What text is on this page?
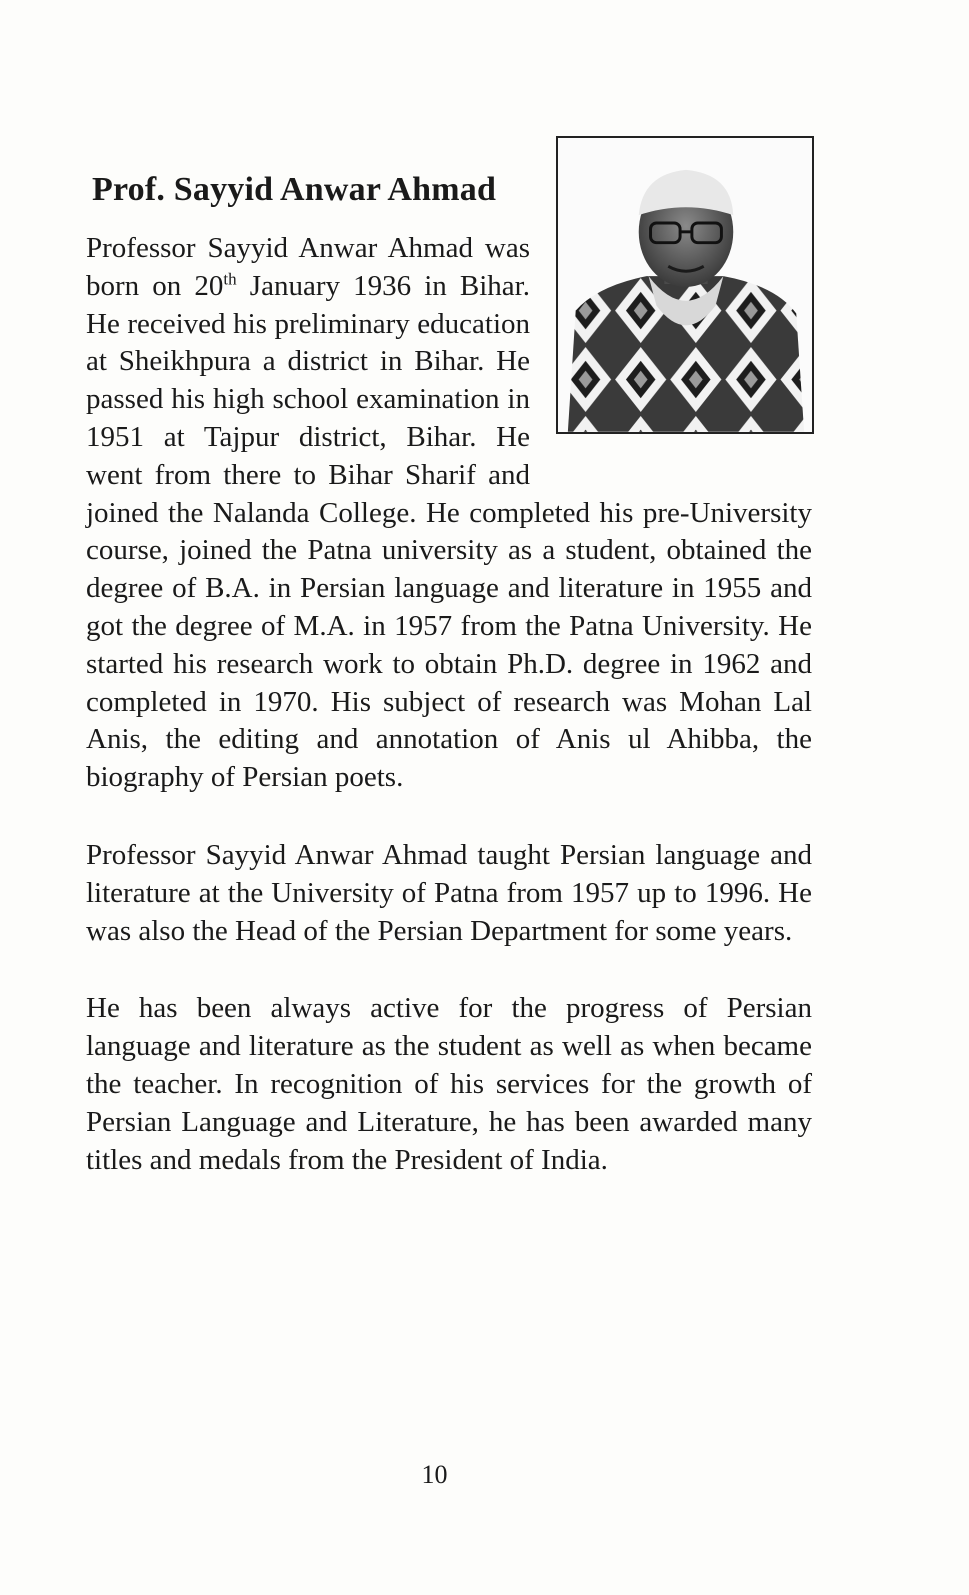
Prof. Sayyid Anwar Ahmad

Professor Sayyid Anwar Ahmad was born on 20th January 1936 in Bihar. He received his preliminary education at Sheikhpura a district in Bihar. He passed his high school examination in 1951 at Tajpur district, Bihar. He went from there to Bihar Sharif and joined the Nalanda College. He completed his pre-University course, joined the Patna university as a student, obtained the degree of B.A. in Persian language and literature in 1955 and got the degree of M.A. in 1957 from the Patna University. He started his research work to obtain Ph.D. degree in 1962 and completed in 1970. His subject of research was Mohan Lal Anis, the editing and annotation of Anis ul Ahibba, the biography of Persian poets.

Professor Sayyid Anwar Ahmad taught Persian language and literature at the University of Patna from 1957 up to 1996. He was also the Head of the Persian Department for some years.

He has been always active for the progress of Persian language and literature as the student as well as when became the teacher. In recognition of his services for the growth of Persian Language and Literature, he has been awarded many titles and medals from the President of India.

10
